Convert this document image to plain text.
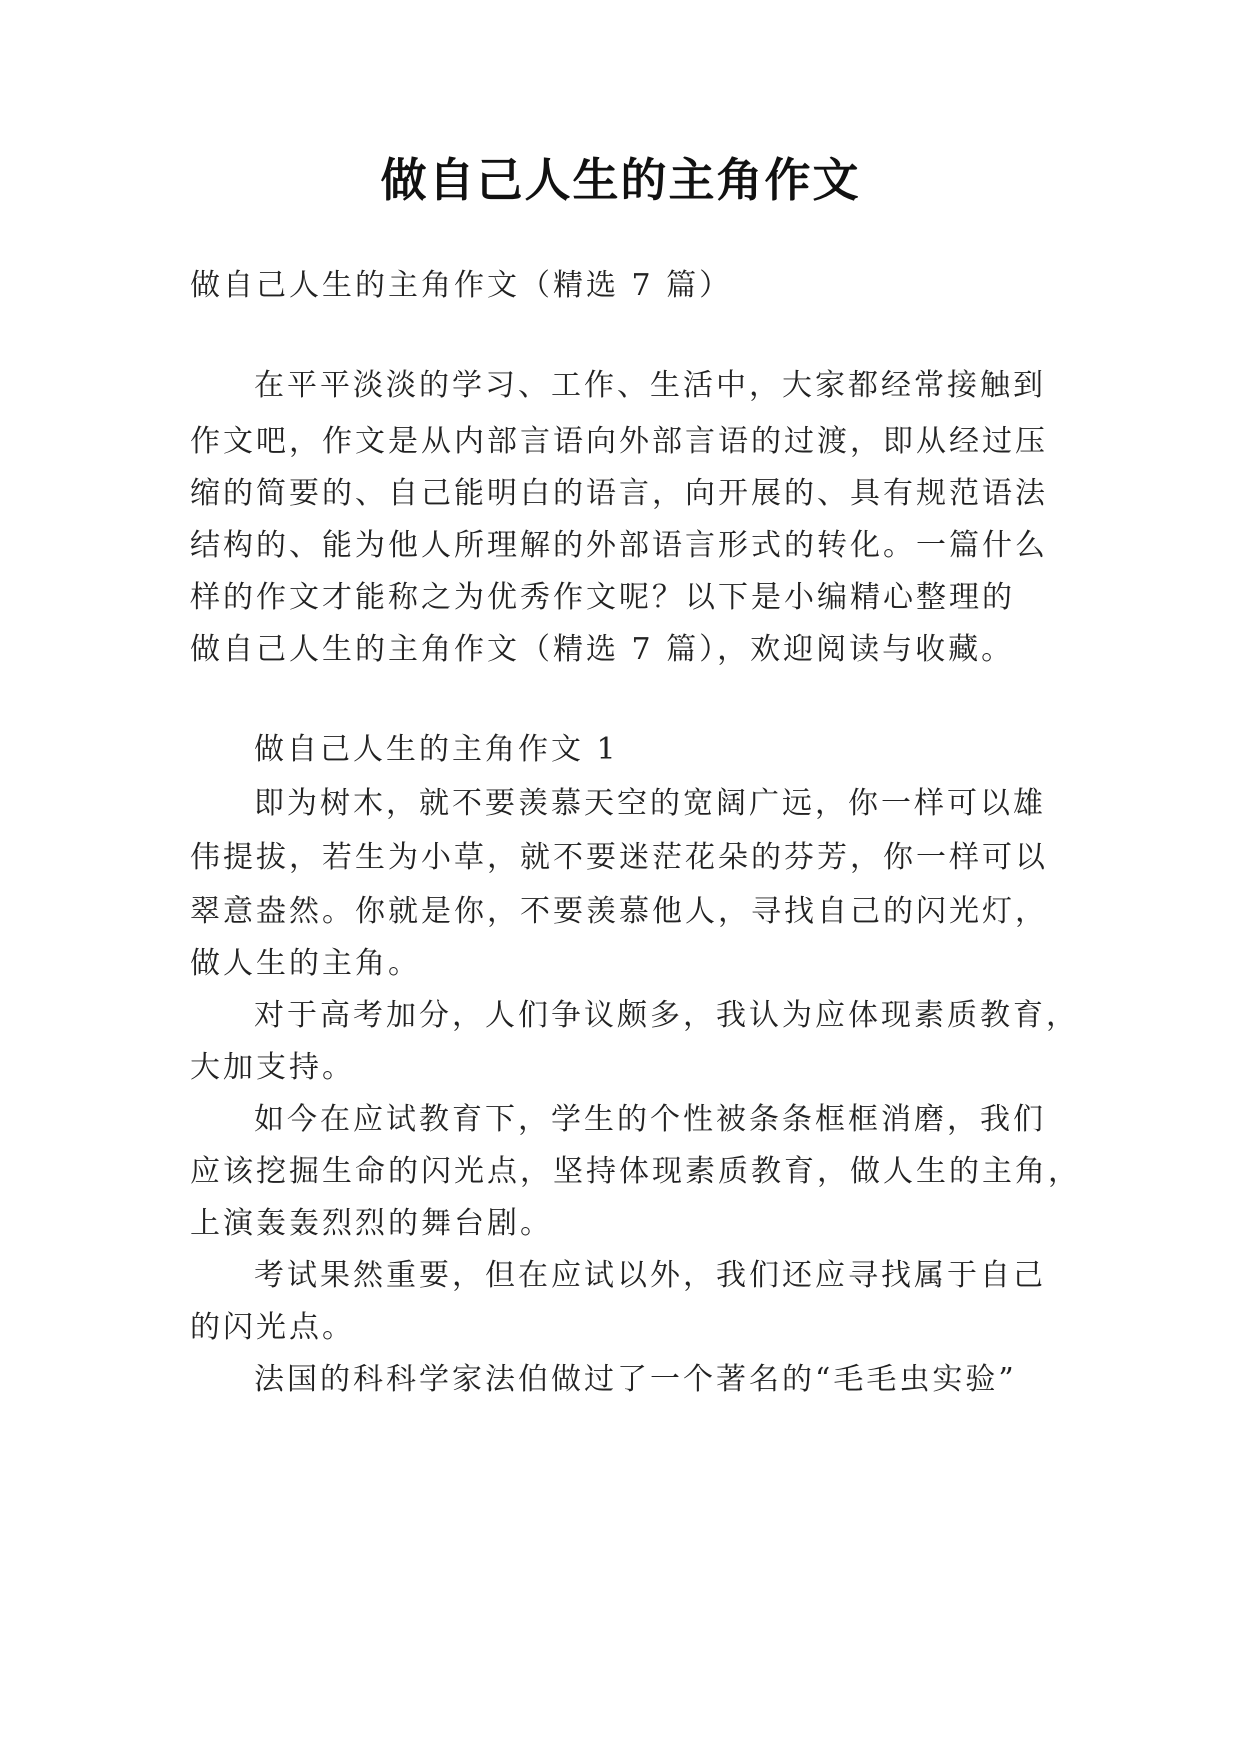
做自己人生的主角作文
做自己人生的主角作文（精选 7 篇）
在平平淡淡的学习、工作、生活中，大家都经常接触到
作文吧，作文是从内部言语向外部言语的过渡，即从经过压
缩的简要的、自己能明白的语言，向开展的、具有规范语法
结构的、能为他人所理解的外部语言形式的转化。一篇什么
样的作文才能称之为优秀作文呢？以下是小编精心整理的
做自己人生的主角作文（精选 7 篇），欢迎阅读与收藏。
做自己人生的主角作文 1
即为树木，就不要羡慕天空的宽阔广远，你一样可以雄
伟提拔，若生为小草，就不要迷茫花朵的芬芳，你一样可以
翠意盎然。你就是你，不要羡慕他人，寻找自己的闪光灯，
做人生的主角。
对于高考加分，人们争议颇多，我认为应体现素质教育，
大加支持。
如今在应试教育下，学生的个性被条条框框消磨，我们
应该挖掘生命的闪光点，坚持体现素质教育，做人生的主角，
上演轰轰烈烈的舞台剧。
考试果然重要，但在应试以外，我们还应寻找属于自己
的闪光点。
法国的科科学家法伯做过了一个著名的“毛毛虫实验”
